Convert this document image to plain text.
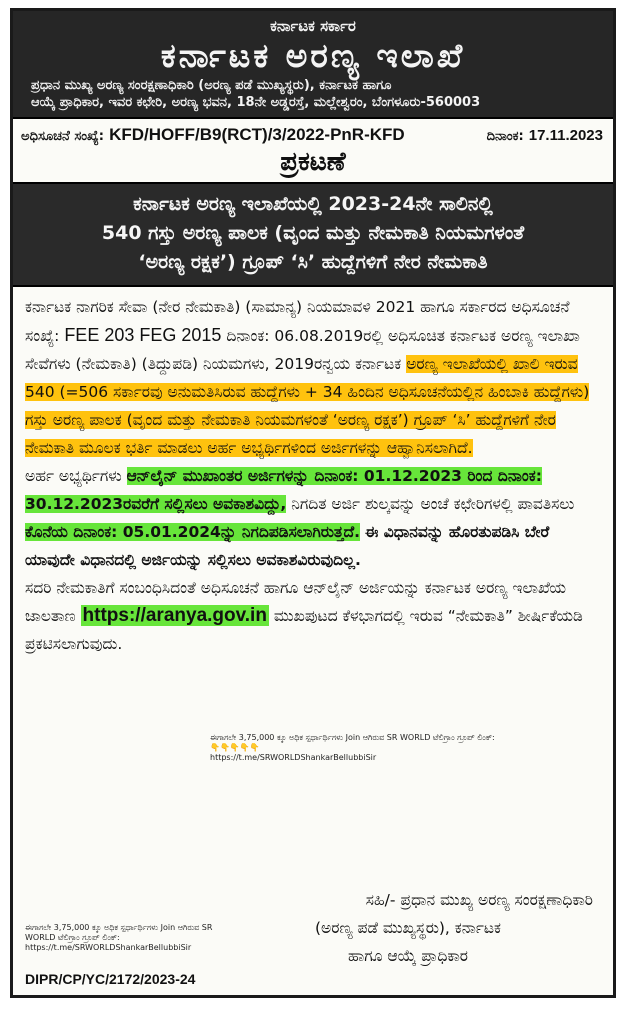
ಕರ್ನಾಟಕ ಸರ್ಕಾರ
ಕರ್ನಾಟಕ ಅರಣ್ಯ ಇಲಾಖೆ
ಪ್ರಧಾನ ಮುಖ್ಯ ಅರಣ್ಯ ಸಂರಕ್ಷಣಾಧಿಕಾರಿ (ಅರಣ್ಯ ಪಡೆ ಮುಖ್ಯಸ್ಥರು), ಕರ್ನಾಟಕ ಹಾಗೂ
ಆಯ್ಕೆ ಪ್ರಾಧಿಕಾರ, ಇವರ ಕಛೇರಿ, ಅರಣ್ಯ ಭವನ, 18ನೇ ಅಡ್ಡರಸ್ತೆ, ಮಲ್ಲೇಶ್ವರಂ, ಬೆಂಗಳೂರು-560003
ಅಧಿಸೂಚನೆ ಸಂಖ್ಯೆ: KFD/HOFF/B9(RCT)/3/2022-PnR-KFD	ದಿನಾಂಕ: 17.11.2023
ಪ್ರಕಟಣೆ
ಕರ್ನಾಟಕ ಅರಣ್ಯ ಇಲಾಖೆಯಲ್ಲಿ 2023-24ನೇ ಸಾಲಿನಲ್ಲಿ
540 ಗಸ್ತು ಅರಣ್ಯ ಪಾಲಕ (ವೃಂದ ಮತ್ತು ನೇಮಕಾತಿ ನಿಯಮಗಳಂತೆ
‘ಅರಣ್ಯ ರಕ್ಷಕ’) ಗ್ರೂಪ್ ‘ಸಿ’ ಹುದ್ದೆಗಳಿಗೆ ನೇರ ನೇಮಕಾತಿ

ಕರ್ನಾಟಕ ನಾಗರಿಕ ಸೇವಾ (ನೇರ ನೇಮಕಾತಿ) (ಸಾಮಾನ್ಯ) ನಿಯಮಾವಳಿ 2021 ಹಾಗೂ ಸರ್ಕಾರದ ಅಧಿಸೂಚನೆ ಸಂಖ್ಯೆ: FEE 203 FEG 2015 ದಿನಾಂಕ: 06.08.2019ರಲ್ಲಿ ಅಧಿಸೂಚಿತ ಕರ್ನಾಟಕ ಅರಣ್ಯ ಇಲಾಖಾ ಸೇವೆಗಳು (ನೇಮಕಾತಿ) (ತಿದ್ದುಪಡಿ) ನಿಯಮಗಳು, 2019ರನ್ವಯ ಕರ್ನಾಟಕ ಅರಣ್ಯ ಇಲಾಖೆಯಲ್ಲಿ ಖಾಲಿ ಇರುವ 540 (=506 ಸರ್ಕಾರವು ಅನುಮತಿಸಿರುವ ಹುದ್ದೆಗಳು + 34 ಹಿಂದಿನ ಅಧಿಸೂಚನೆಯಲ್ಲಿನ ಹಿಂಬಾಕಿ ಹುದ್ದೆಗಳು) ಗಸ್ತು ಅರಣ್ಯ ಪಾಲಕ (ವೃಂದ ಮತ್ತು ನೇಮಕಾತಿ ನಿಯಮಗಳಂತೆ ‘ಅರಣ್ಯ ರಕ್ಷಕ’) ಗ್ರೂಪ್ ‘ಸಿ’ ಹುದ್ದೆಗಳಿಗೆ ನೇರ ನೇಮಕಾತಿ ಮೂಲಕ ಭರ್ತಿ ಮಾಡಲು ಅರ್ಹ ಅಭ್ಯರ್ಥಿಗಳಿಂದ ಅರ್ಜಿಗಳನ್ನು ಆಹ್ವಾನಿಸಲಾಗಿದೆ.

ಅರ್ಹ ಅಭ್ಯರ್ಥಿಗಳು ಆನ್‌ಲೈನ್ ಮುಖಾಂತರ ಅರ್ಜಿಗಳನ್ನು ದಿನಾಂಕ: 01.12.2023 ರಿಂದ ದಿನಾಂಕ: 30.12.2023ರವರೆಗೆ ಸಲ್ಲಿಸಲು ಅವಕಾಶವಿದ್ದು, ನಿಗದಿತ ಅರ್ಜಿ ಶುಲ್ಕವನ್ನು ಅಂಚೆ ಕಛೇರಿಗಳಲ್ಲಿ ಪಾವತಿಸಲು ಕೊನೆಯ ದಿನಾಂಕ: 05.01.2024ನ್ನು ನಿಗದಿಪಡಿಸಲಾಗಿರುತ್ತದೆ. ಈ ವಿಧಾನವನ್ನು ಹೊರತುಪಡಿಸಿ ಬೇರೆ ಯಾವುದೇ ವಿಧಾನದಲ್ಲಿ ಅರ್ಜಿಯನ್ನು ಸಲ್ಲಿಸಲು ಅವಕಾಶವಿರುವುದಿಲ್ಲ.

ಸದರಿ ನೇಮಕಾತಿಗೆ ಸಂಬಂಧಿಸಿದಂತೆ ಅಧಿಸೂಚನೆ ಹಾಗೂ ಆನ್‌ಲೈನ್ ಅರ್ಜಿಯನ್ನು ಕರ್ನಾಟಕ ಅರಣ್ಯ ಇಲಾಖೆಯ ಜಾಲತಾಣ https://aranya.gov.in ಮುಖಪುಟದ ಕೆಳಭಾಗದಲ್ಲಿ ಇರುವ “ನೇಮಕಾತಿ” ಶೀರ್ಷಿಕೆಯಡಿ ಪ್ರಕಟಿಸಲಾಗುವುದು.

ಈಗಾಗಲೇ 3,75,000 ಕ್ಕೂ ಅಧಿಕ ಸ್ಪರ್ಧಾರ್ಥಿಗಳು Join ಆಗಿರುವ SR WORLD ಟೆಲಿಗ್ರಾಂ ಗ್ರೂಪ್ ಲಿಂಕ್:
👇👇👇👇👇
https://t.me/SRWORLDShankarBellubbiSir
ಸಹಿ/- ಪ್ರಧಾನ ಮುಖ್ಯ ಅರಣ್ಯ ಸಂರಕ್ಷಣಾಧಿಕಾರಿ
(ಅರಣ್ಯ ಪಡೆ ಮುಖ್ಯಸ್ಥರು), ಕರ್ನಾಟಕ
ಹಾಗೂ ಆಯ್ಕೆ ಪ್ರಾಧಿಕಾರ
ಈಗಾಗಲೇ 3,75,000 ಕ್ಕೂ ಅಧಿಕ ಸ್ಪರ್ಧಾರ್ಥಿಗಳು Join ಆಗಿರುವ SR WORLD ಟೆಲಿಗ್ರಾಂ ಗ್ರೂಪ್ ಲಿಂಕ್:
https://t.me/SRWORLDShankarBellubbiSir
DIPR/CP/YC/2172/2023-24
